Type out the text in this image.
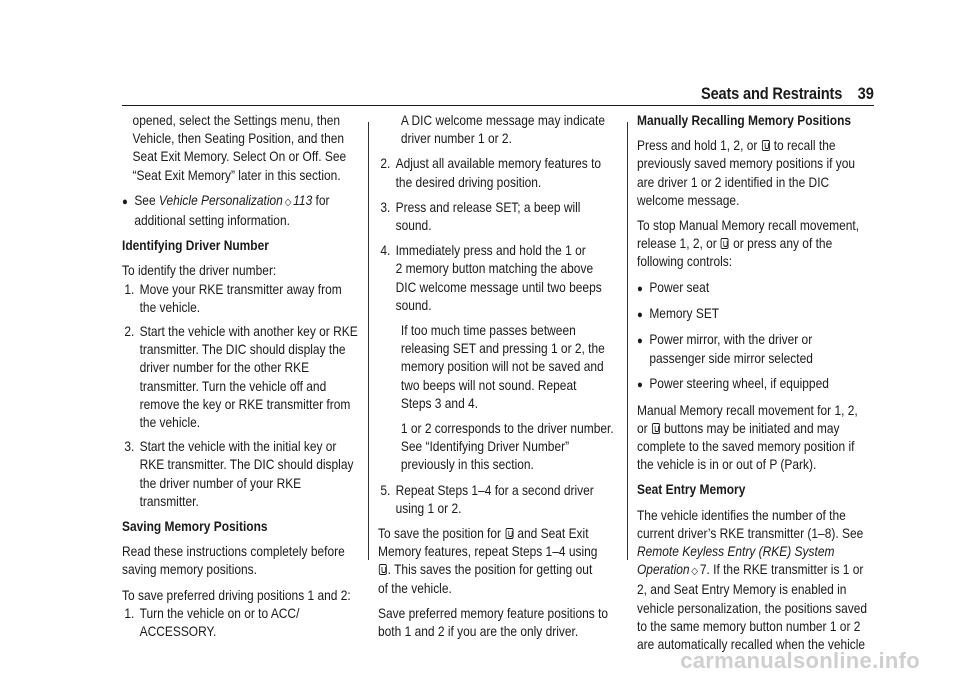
Seats and Restraints 39
opened, select the Settings menu, then
Vehicle, then Seating Position, and then
Seat Exit Memory. Select On or Off. See
“Seat Exit Memory” later in this section.
● See Vehicle Personalization ◇ 113 for
additional setting information.
Identifying Driver Number
To identify the driver number:
1. Move your RKE transmitter away from
the vehicle.
2. Start the vehicle with another key or RKE
transmitter. The DIC should display the
driver number for the other RKE
transmitter. Turn the vehicle off and
remove the key or RKE transmitter from
the vehicle.
3. Start the vehicle with the initial key or
RKE transmitter. The DIC should display
the driver number of your RKE
transmitter.
Saving Memory Positions
Read these instructions completely before
saving memory positions.
To save preferred driving positions 1 and 2:
1. Turn the vehicle on or to ACC/
ACCESSORY.
A DIC welcome message may indicate
driver number 1 or 2.
2. Adjust all available memory features to
the desired driving position.
3. Press and release SET; a beep will sound.
4. Immediately press and hold the 1 or
2 memory button matching the above
DIC welcome message until two beeps
sound.
If too much time passes between
releasing SET and pressing 1 or 2, the
memory position will not be saved and
two beeps will not sound. Repeat
Steps 3 and 4.
1 or 2 corresponds to the driver number.
See “Identifying Driver Number”
previously in this section.
5. Repeat Steps 1–4 for a second driver
using 1 or 2.
To save the position for and Seat Exit
Memory features, repeat Steps 1–4 using
. This saves the position for getting out
of the vehicle.
Save preferred memory feature positions to
both 1 and 2 if you are the only driver.
Manually Recalling Memory Positions
Press and hold 1, 2, or to recall the
previously saved memory positions if you
are driver 1 or 2 identified in the DIC
welcome message.
To stop Manual Memory recall movement,
release 1, 2, or or press any of the
following controls:
● Power seat
● Memory SET
● Power mirror, with the driver or
passenger side mirror selected
● Power steering wheel, if equipped
Manual Memory recall movement for 1, 2,
or buttons may be initiated and may
complete to the saved memory position if
the vehicle is in or out of P (Park).
Seat Entry Memory
The vehicle identifies the number of the
current driver’s RKE transmitter (1–8). See
Remote Keyless Entry (RKE) System
Operation ◇ 7. If the RKE transmitter is 1 or
2, and Seat Entry Memory is enabled in
vehicle personalization, the positions saved
to the same memory button number 1 or 2
are automatically recalled when the vehicle
carmanualsonline.info
